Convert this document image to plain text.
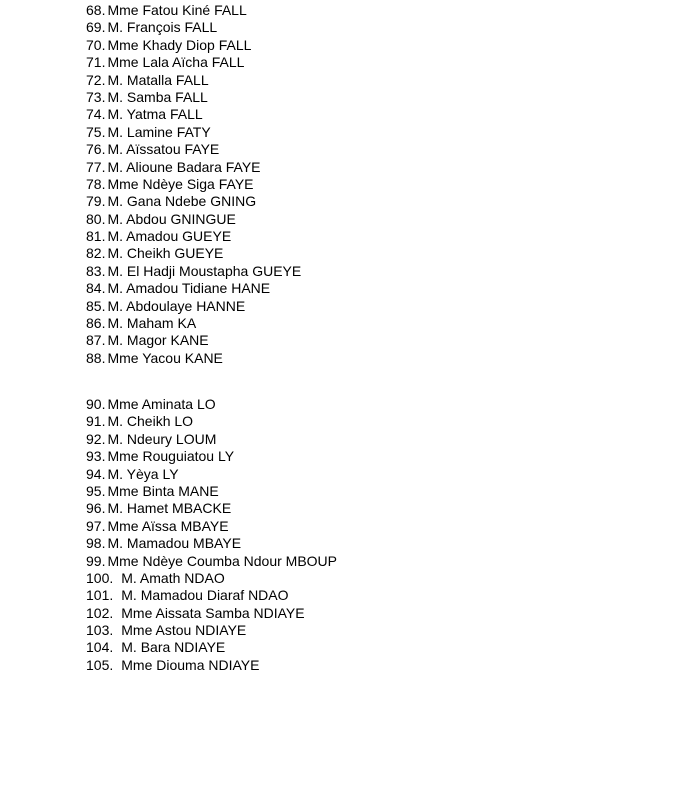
68. Mme Fatou Kiné FALL
69. M. François FALL
70. Mme Khady Diop FALL
71. Mme Lala Aïcha FALL
72. M. Matalla FALL
73. M. Samba FALL
74. M. Yatma FALL
75. M. Lamine FATY
76. M. Aïssatou FAYE
77. M. Alioune Badara FAYE
78. Mme Ndèye Siga FAYE
79. M. Gana Ndebe GNING
80. M. Abdou GNINGUE
81. M. Amadou GUEYE
82. M. Cheikh GUEYE
83. M. El Hadji Moustapha GUEYE
84. M. Amadou Tidiane HANE
85. M. Abdoulaye HANNE
86. M. Maham KA
87. M. Magor KANE
88. Mme Yacou KANE
90. Mme Aminata LO
91. M. Cheikh LO
92. M. Ndeury LOUM
93. Mme Rouguiatou LY
94. M. Yèya LY
95. Mme Binta MANE
96. M. Hamet MBACKE
97. Mme Aïssa MBAYE
98. M. Mamadou MBAYE
99. Mme Ndèye Coumba Ndour MBOUP
100. M. Amath NDAO
101. M. Mamadou Diaraf NDAO
102. Mme Aissata Samba NDIAYE
103. Mme Astou NDIAYE
104. M. Bara NDIAYE
105. Mme Diouma NDIAYE
